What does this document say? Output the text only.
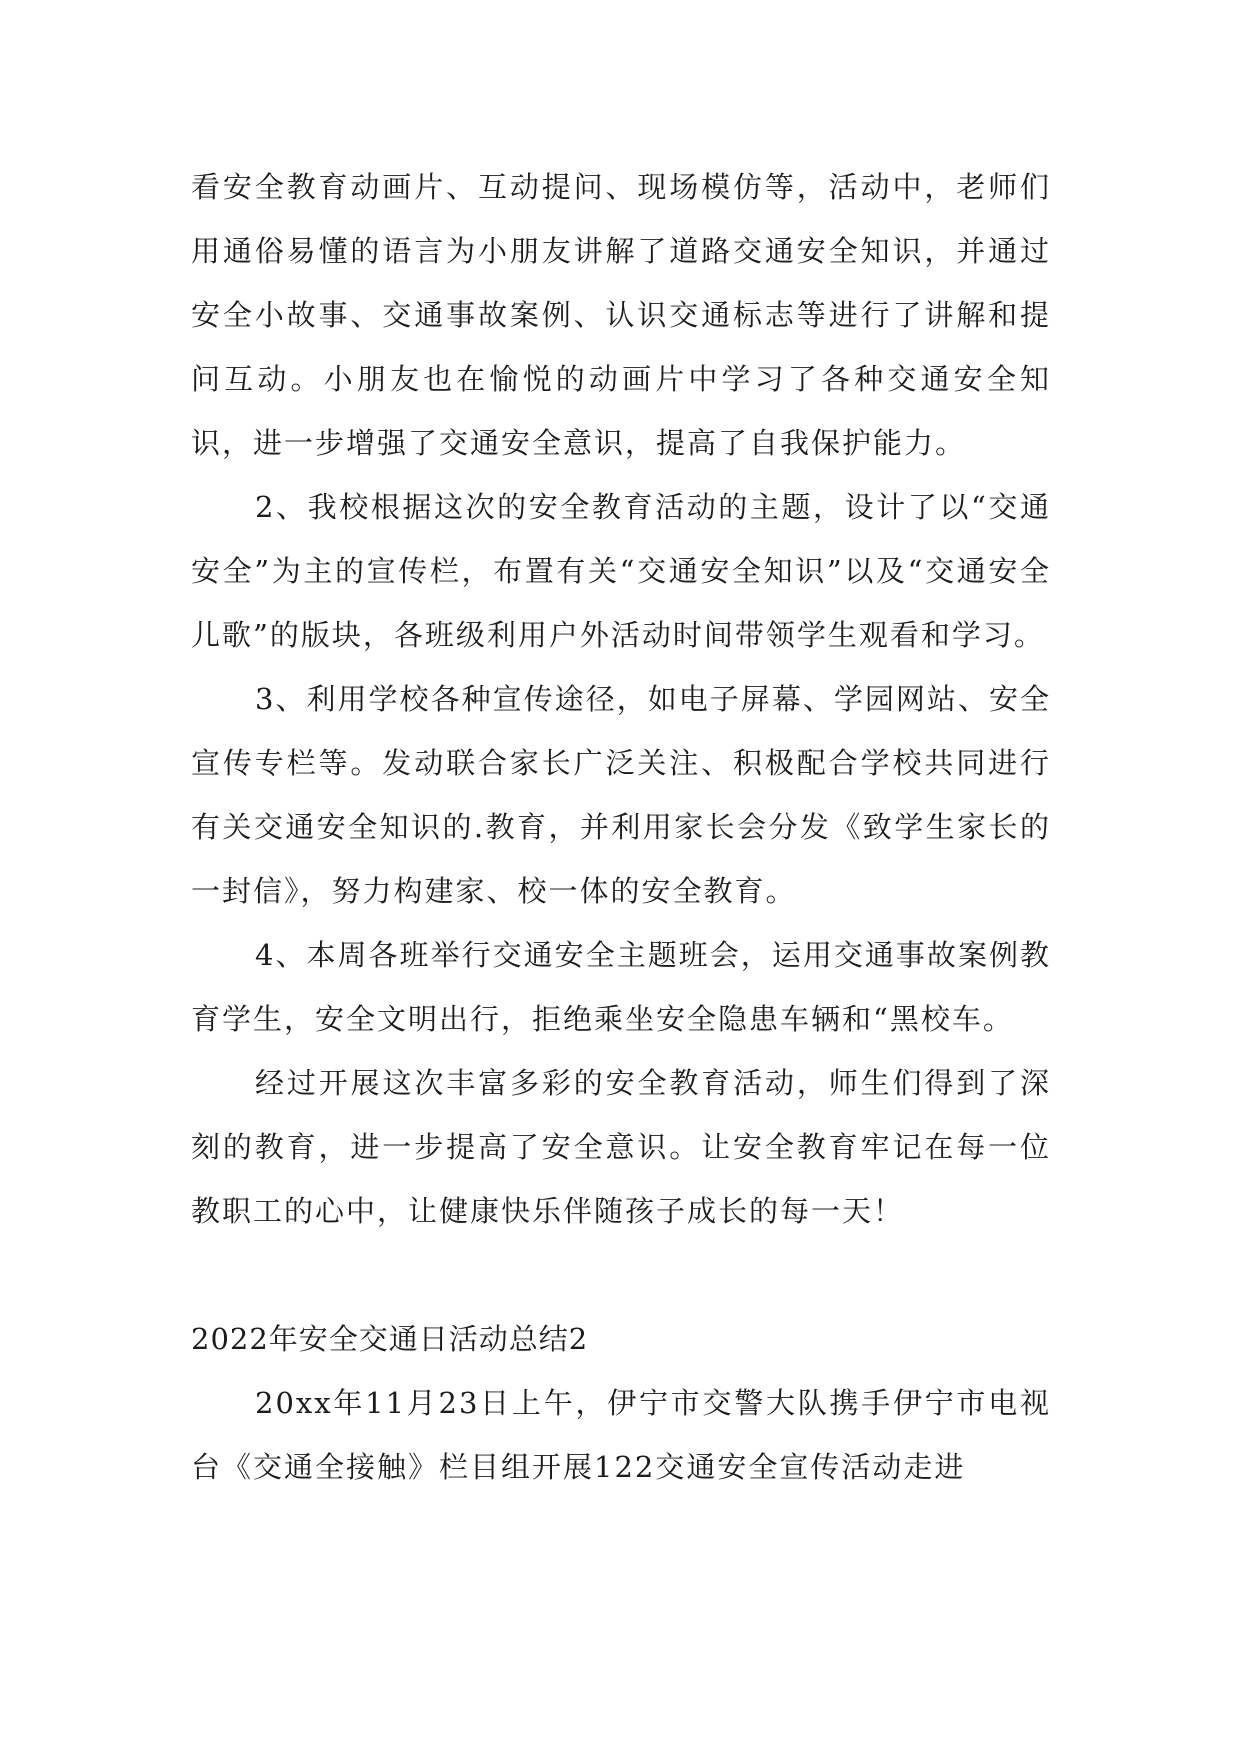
看安全教育动画片、互动提问、现场模仿等，活动中，老师们用通俗易懂的语言为小朋友讲解了道路交通安全知识，并通过安全小故事、交通事故案例、认识交通标志等进行了讲解和提问互动。小朋友也在愉悦的动画片中学习了各种交通安全知识，进一步增强了交通安全意识，提高了自我保护能力。

2、我校根据这次的安全教育活动的主题，设计了以“交通安全”为主的宣传栏，布置有关“交通安全知识”以及“交通安全儿歌”的版块，各班级利用户外活动时间带领学生观看和学习。

3、利用学校各种宣传途径，如电子屏幕、学园网站、安全宣传专栏等。发动联合家长广泛关注、积极配合学校共同进行有关交通安全知识的.教育，并利用家长会分发《致学生家长的一封信》，努力构建家、校一体的安全教育。

4、本周各班举行交通安全主题班会，运用交通事故案例教育学生，安全文明出行，拒绝乘坐安全隐患车辆和“黑校车。

经过开展这次丰富多彩的安全教育活动，师生们得到了深刻的教育，进一步提高了安全意识。让安全教育牢记在每一位教职工的心中，让健康快乐伴随孩子成长的每一天！

2022年安全交通日活动总结2

20xx年11月23日上午，伊宁市交警大队携手伊宁市电视台《交通全接触》栏目组开展122交通安全宣传活动走进
